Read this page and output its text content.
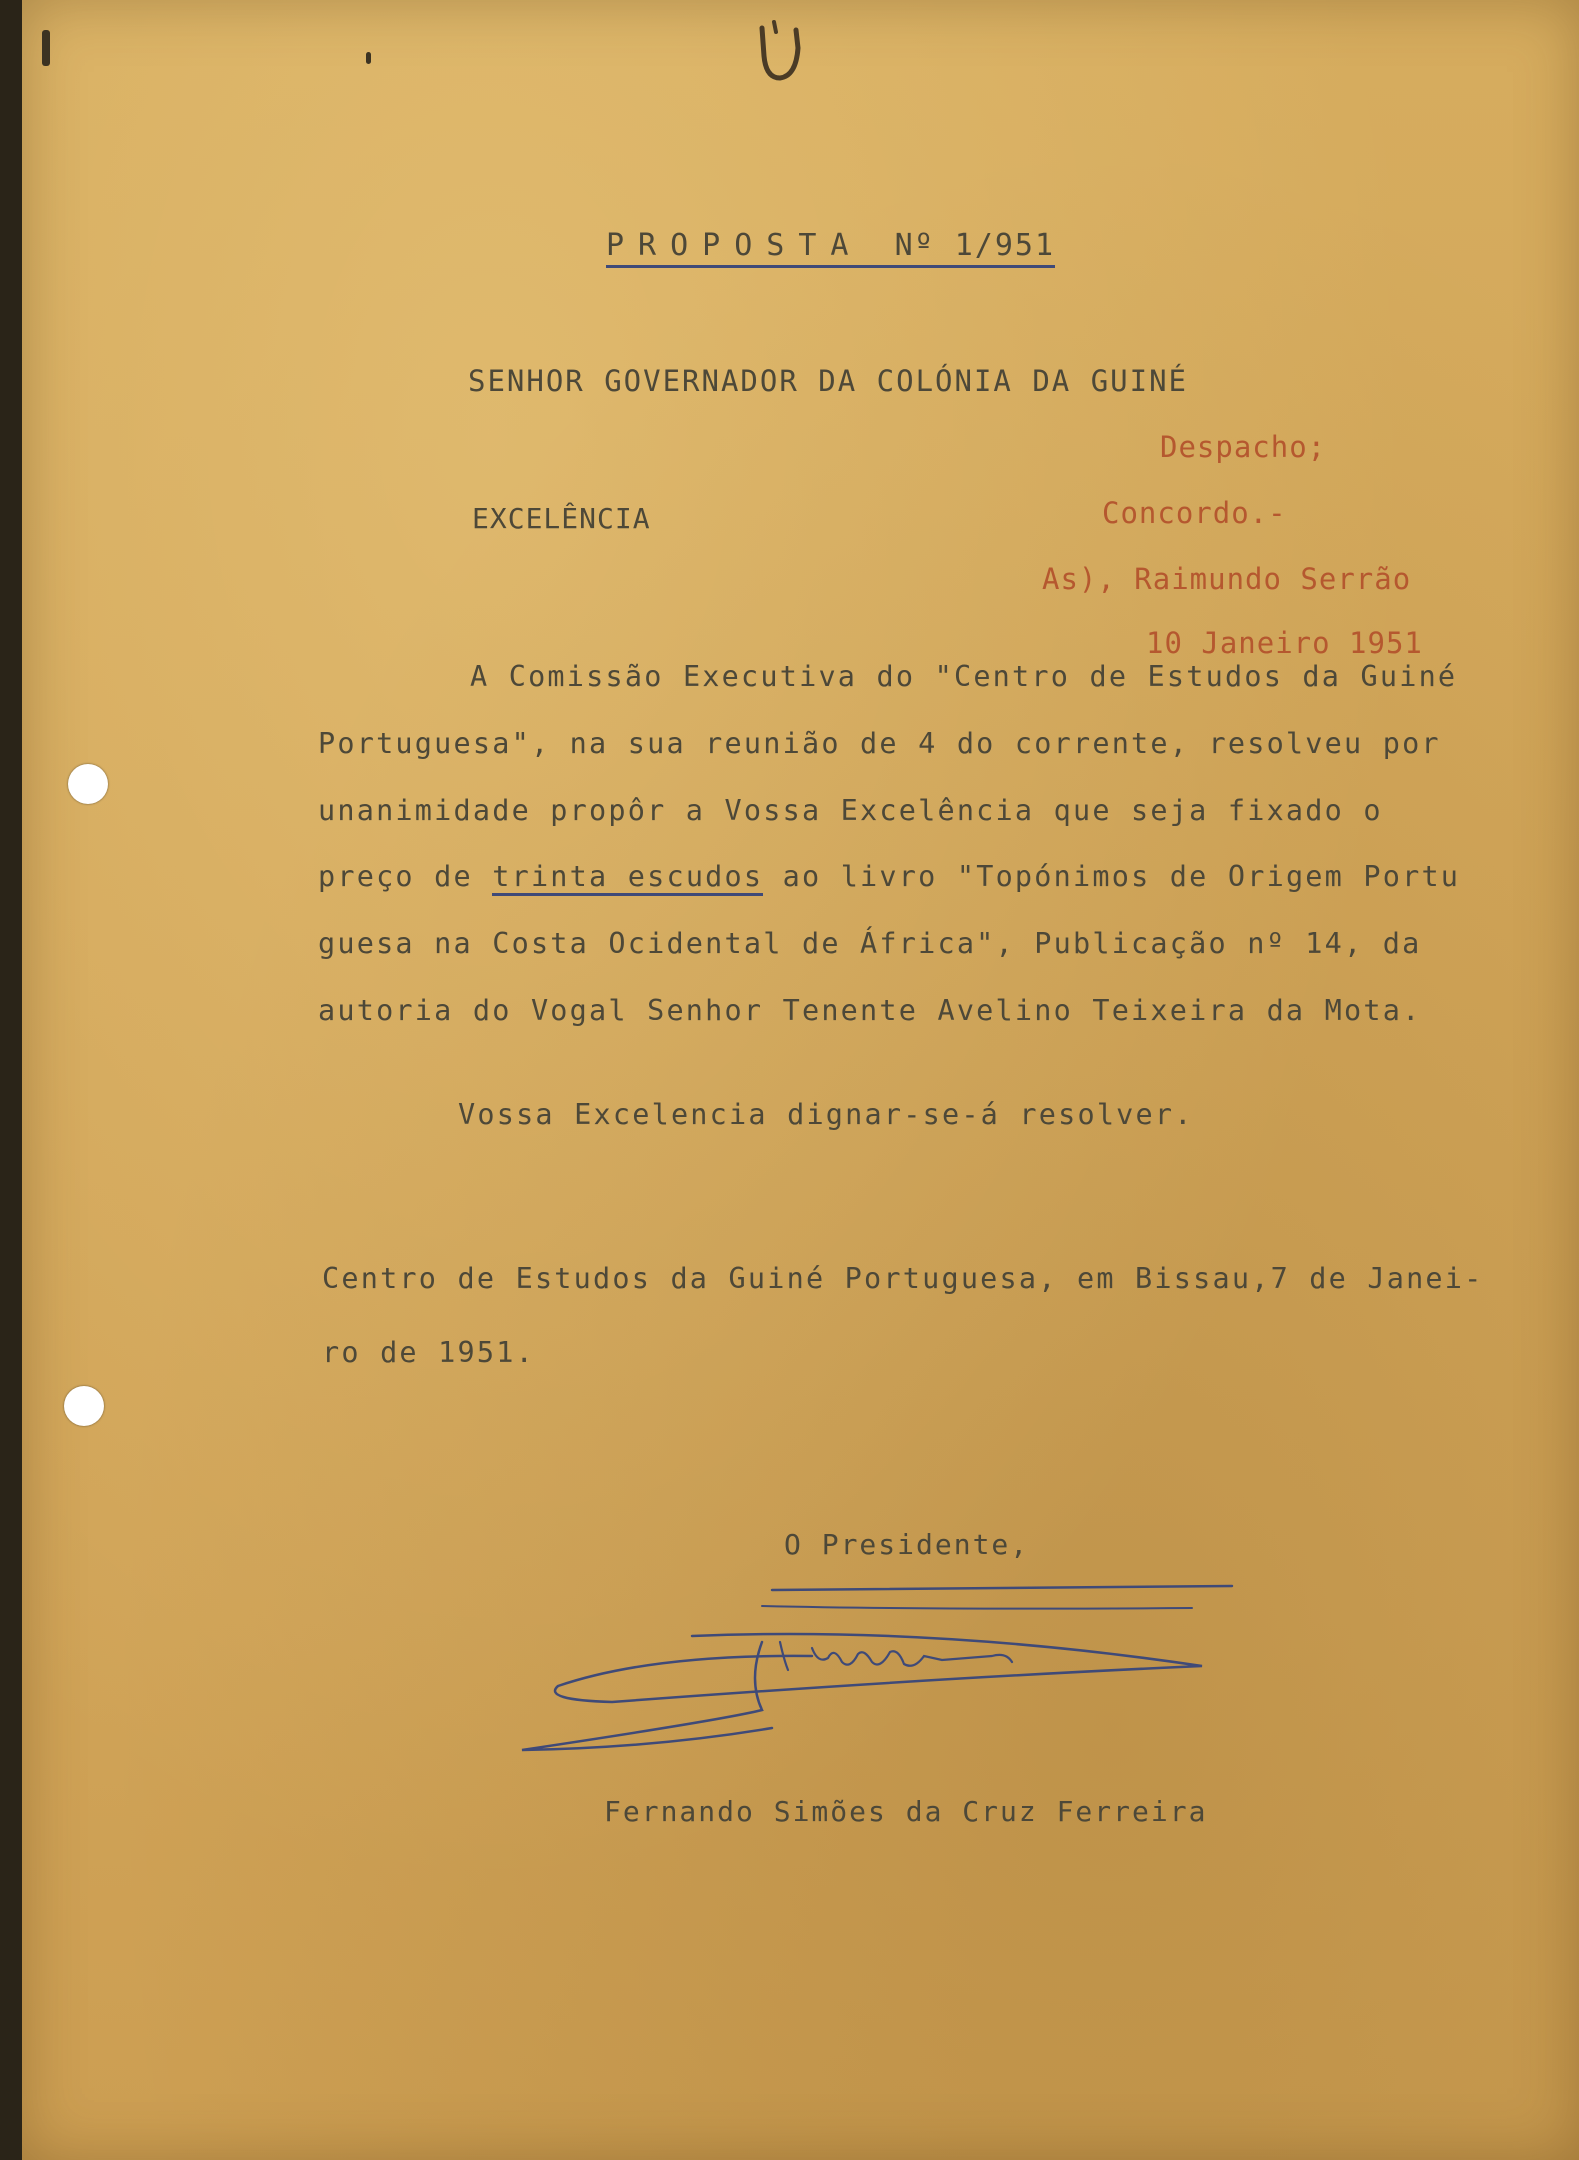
PROPOSTA Nº 1/951
SENHOR GOVERNADOR DA COLÓNIA DA GUINÉ
EXCELÊNCIA
Despacho;
Concordo.-
As), Raimundo Serrão
10 Janeiro 1951
A Comissão Executiva do "Centro de Estudos da Guiné
Portuguesa", na sua reunião de 4 do corrente, resolveu por
unanimidade propôr a Vossa Excelência que seja fixado o
preço de trinta escudos ao livro "Topónimos de Origem Portu
guesa na Costa Ocidental de África", Publicação nº 14, da
autoria do Vogal Senhor Tenente Avelino Teixeira da Mota.
Vossa Excelencia dignar-se-á resolver.
Centro de Estudos da Guiné Portuguesa, em Bissau,7 de Janei-
ro de 1951.
O Presidente,
Fernando Simões da Cruz Ferreira
